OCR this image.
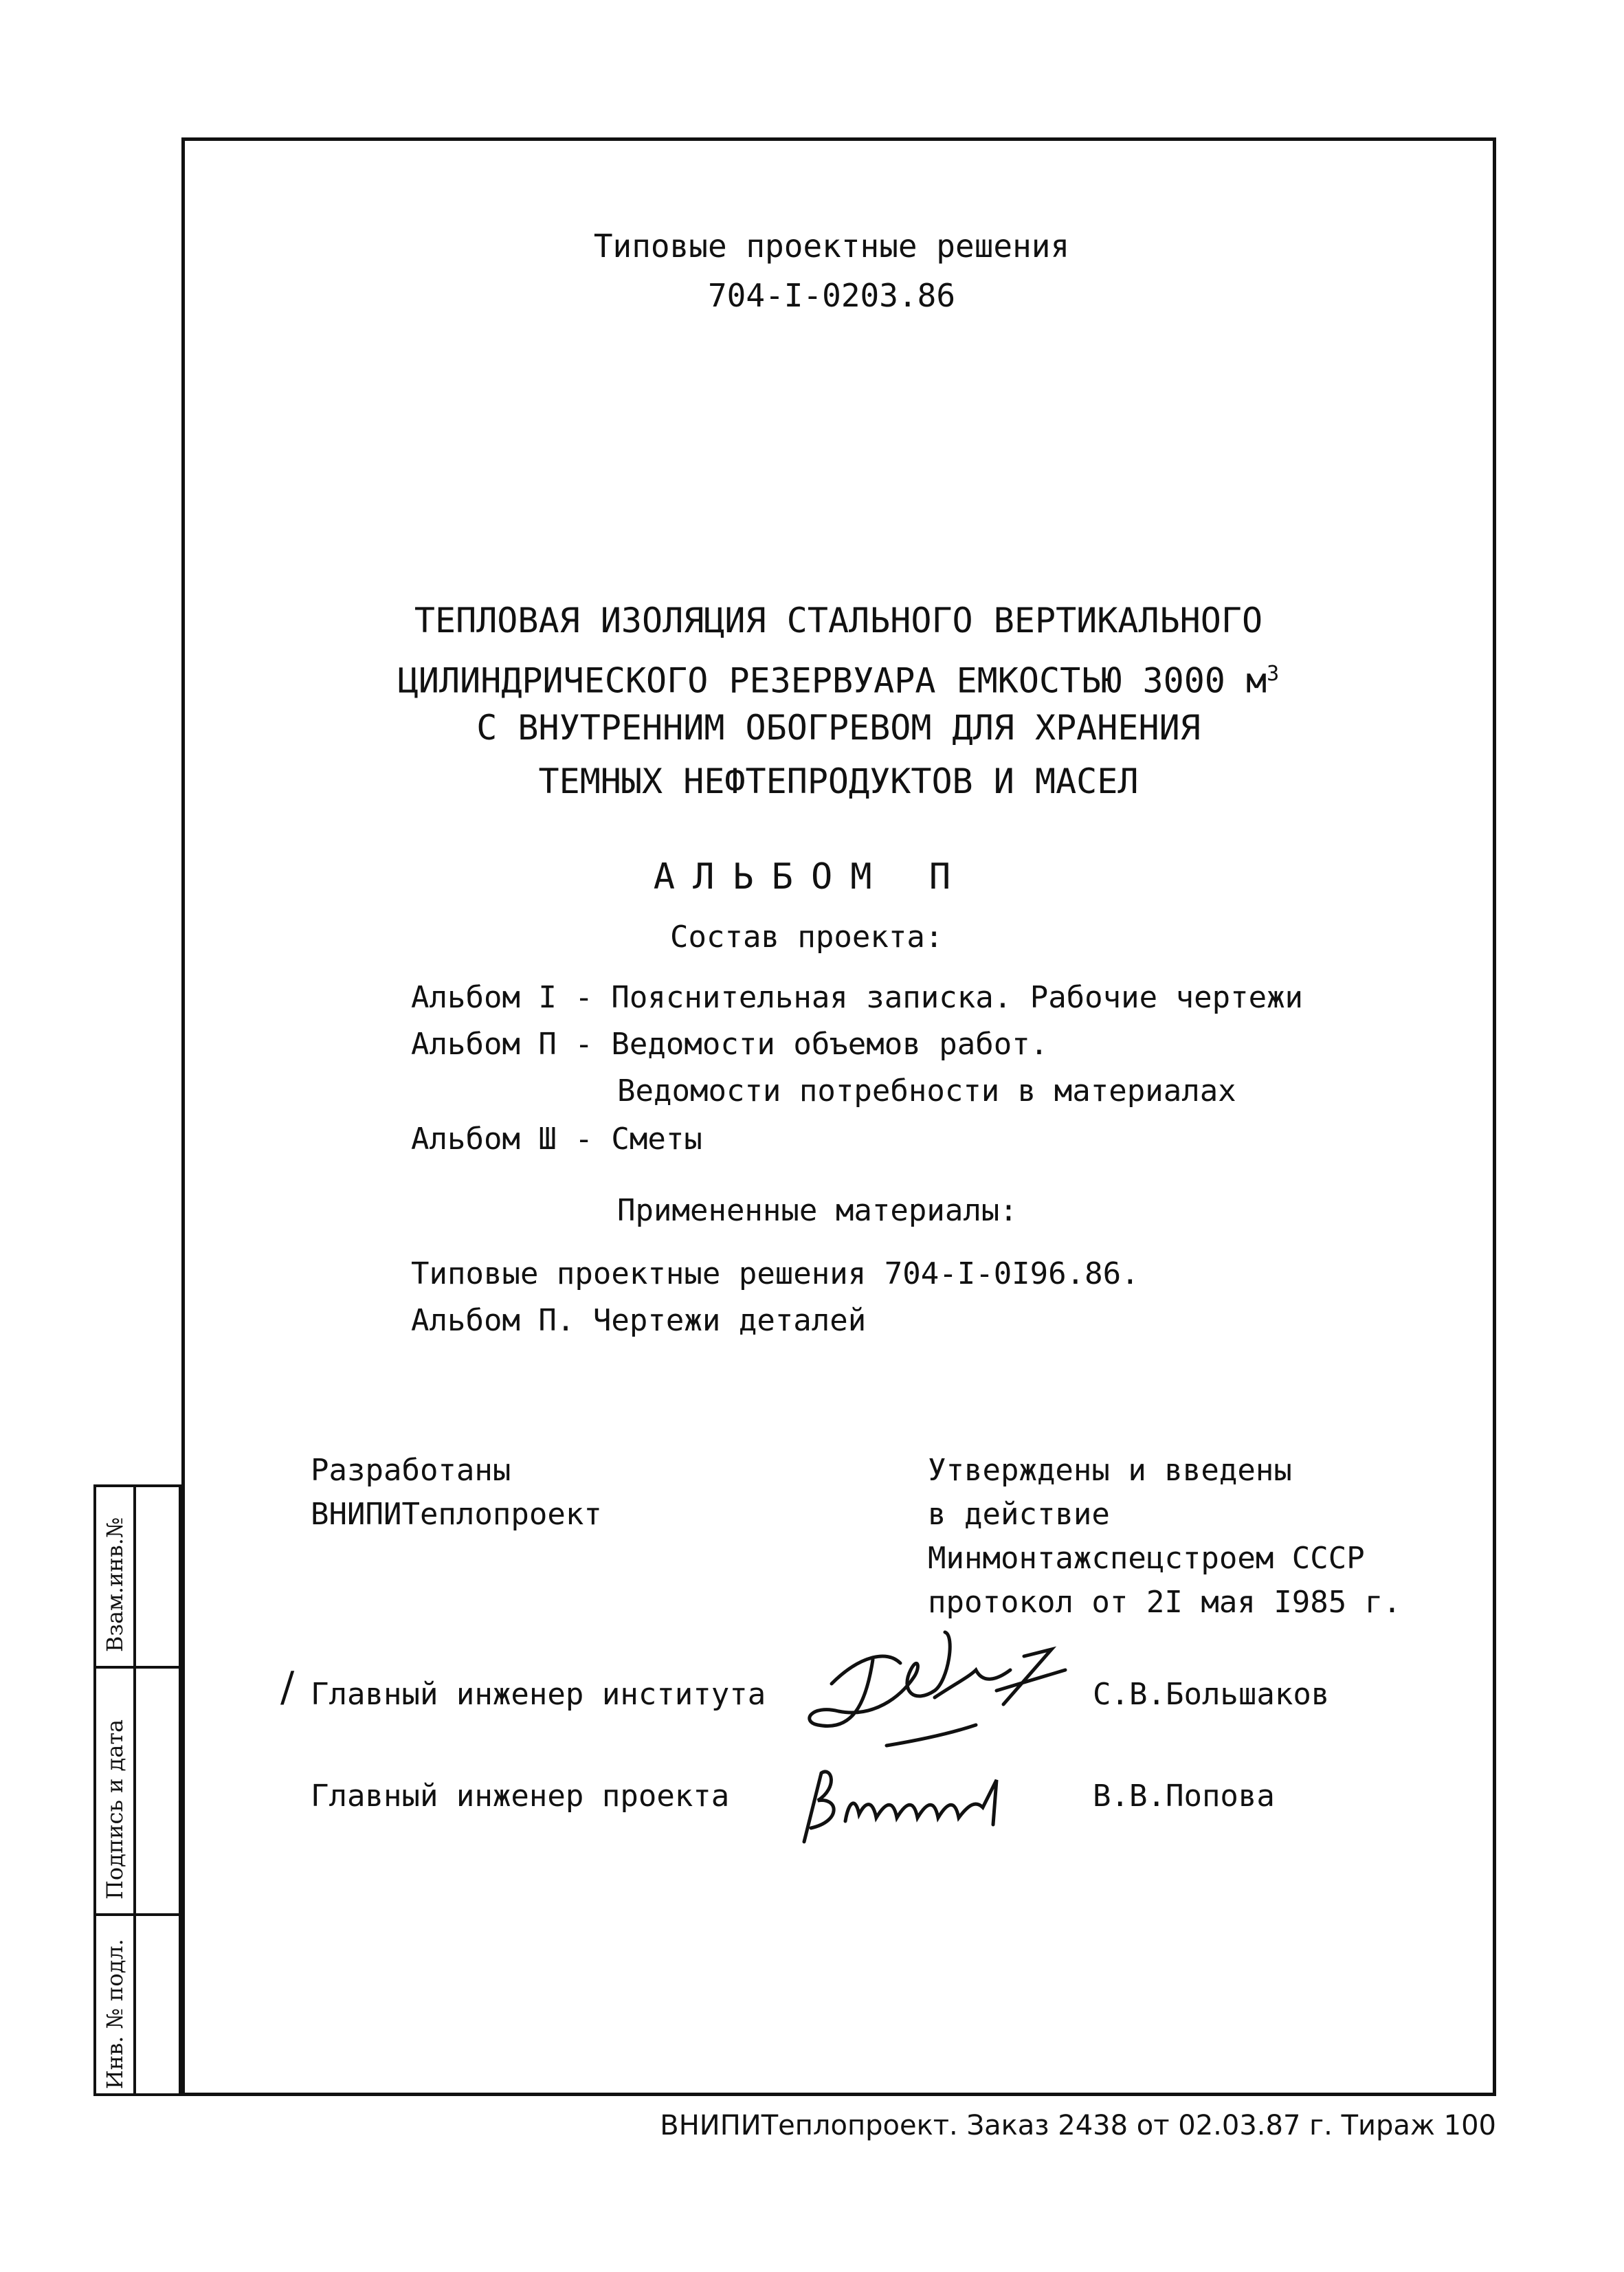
Типовые проектные решения
704-I-0203.86
ТЕПЛОВАЯ ИЗОЛЯЦИЯ СТАЛЬНОГО ВЕРТИКАЛЬНОГО
ЦИЛИНДРИЧЕСКОГО РЕЗЕРВУАРА ЕМКОСТЬЮ 3000 $м^3$
С ВНУТРЕННИМ ОБОГРЕВОМ ДЛЯ ХРАНЕНИЯ
ТЕМНЫХ НЕФТЕПРОДУКТОВ И МАСЕЛ
АЛЬБОМ П
Состав проекта:
Альбом I - Пояснительная записка. Рабочие чертежи
Альбом П - Ведомости объемов работ.
Ведомости потребности в материалах
Альбом Ш - Сметы
Примененные материалы:
Типовые проектные решения 704-I-0I96.86.
Альбом П. Чертежи деталей
Разработаны
ВНИПИТеплопроект
Утверждены и введены
в действие
Минмонтажспецстроем СССР
протокол от 2I мая I985 г.
/ Главный инженер института	С.В.Большаков
Главный инженер проекта	В.В.Попова
Взам.инв.№
Подпись и дата
Инв. № подл.
ВНИПИТеплопроект. Заказ 2438 от 02.03.87 г. Тираж 100
